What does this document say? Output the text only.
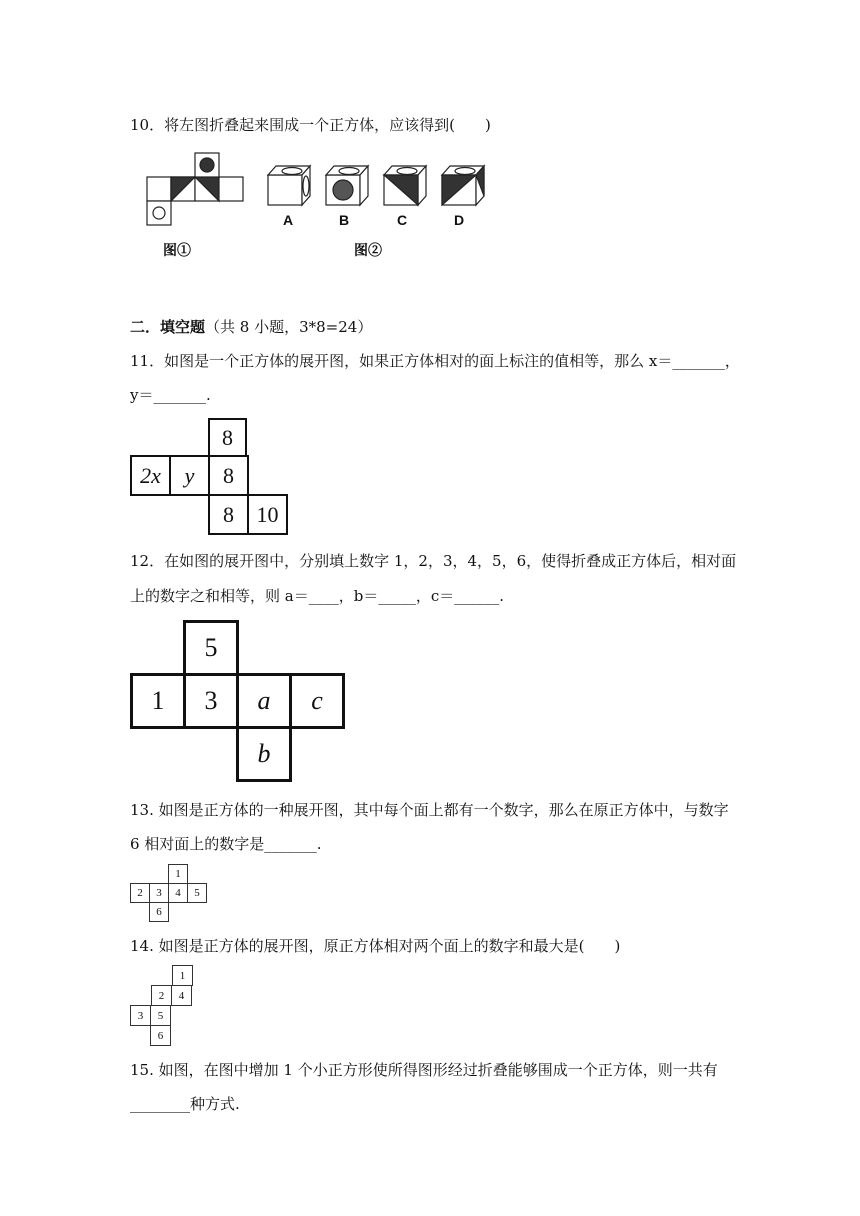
10．将左图折叠起来围成一个正方体，应该得到(　　)
A	B	C	D
图①	图②
二．填空题（共 8 小题，3*8=24）
11．如图是一个正方体的展开图，如果正方体相对的面上标注的值相等，那么 x＝_______，
y＝_______.
8
2x	y	8
8	10
12．在如图的展开图中，分别填上数字 1，2，3，4，5，6，使得折叠成正方体后，相对面
上的数字之和相等，则 a＝____，b＝_____，c＝______.
5
1	3	a	c
b
13. 如图是正方体的一种展开图，其中每个面上都有一个数字，那么在原正方体中，与数字
6 相对面上的数字是_______.
1
2	3	4	5
6
14. 如图是正方体的展开图，原正方体相对两个面上的数字和最大是(　　)
1
2	4
3	5
6
15. 如图，在图中增加 1 个小正方形使所得图形经过折叠能够围成一个正方体，则一共有
________种方式.
